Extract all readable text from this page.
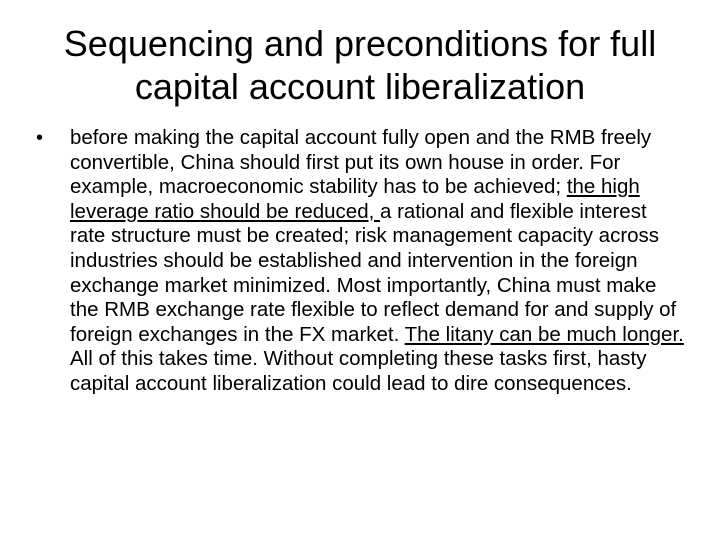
Sequencing and preconditions for full capital account liberalization
•	before making the capital account fully open and the RMB freely convertible, China should first put its own house in order. For example, macroeconomic stability has to be achieved; the high leverage ratio should be reduced, a rational and flexible interest rate structure must be created; risk management capacity across industries should be established and intervention in the foreign exchange market minimized. Most importantly, China must make the RMB exchange rate flexible to reflect demand for and supply of foreign exchanges in the FX market. The litany can be much longer. All of this takes time. Without completing these tasks first, hasty capital account liberalization could lead to dire consequences.
